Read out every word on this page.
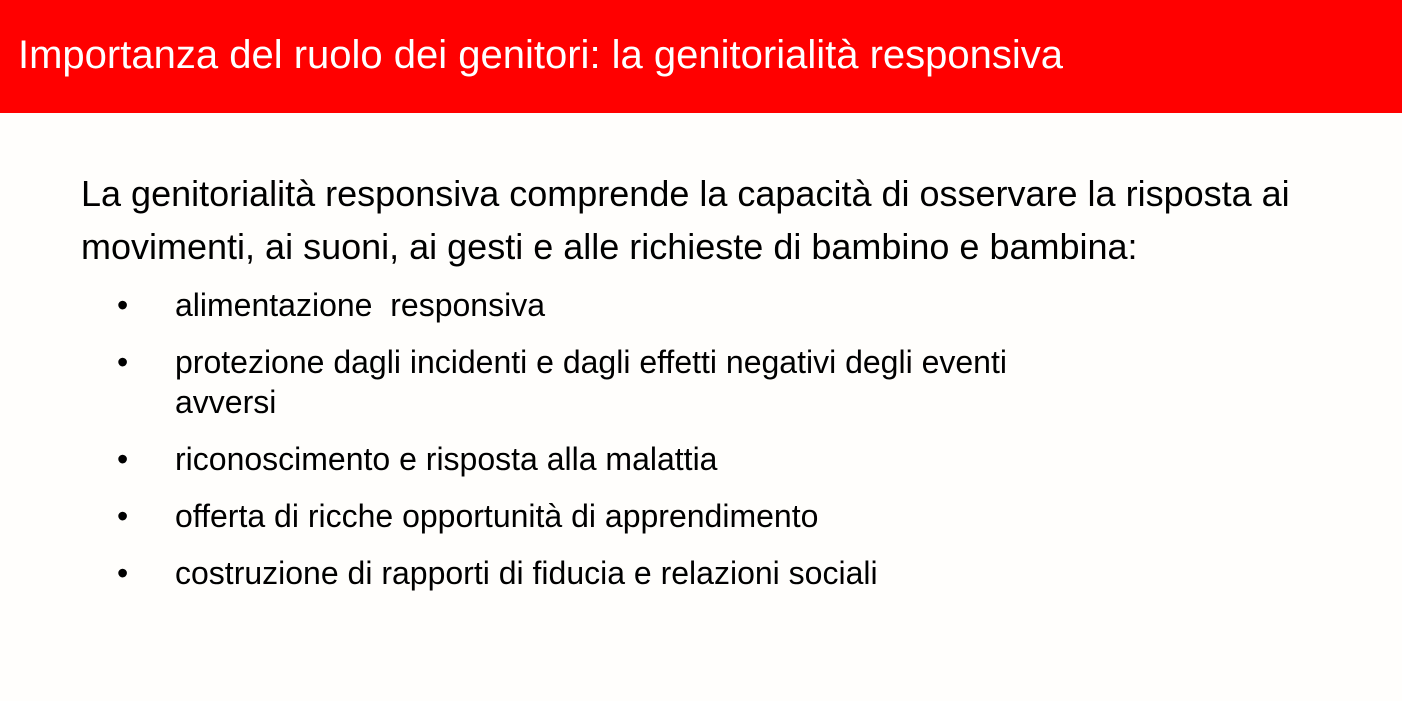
Importanza del ruolo dei genitori: la genitorialità responsiva

La genitorialità responsiva comprende la capacità di osservare la risposta ai movimenti, ai suoni, ai gesti e alle richieste di bambino e bambina:

• alimentazione  responsiva
• protezione dagli incidenti e dagli effetti negativi degli eventi avversi
• riconoscimento e risposta alla malattia
• offerta di ricche opportunità di apprendimento
• costruzione di rapporti di fiducia e relazioni sociali
